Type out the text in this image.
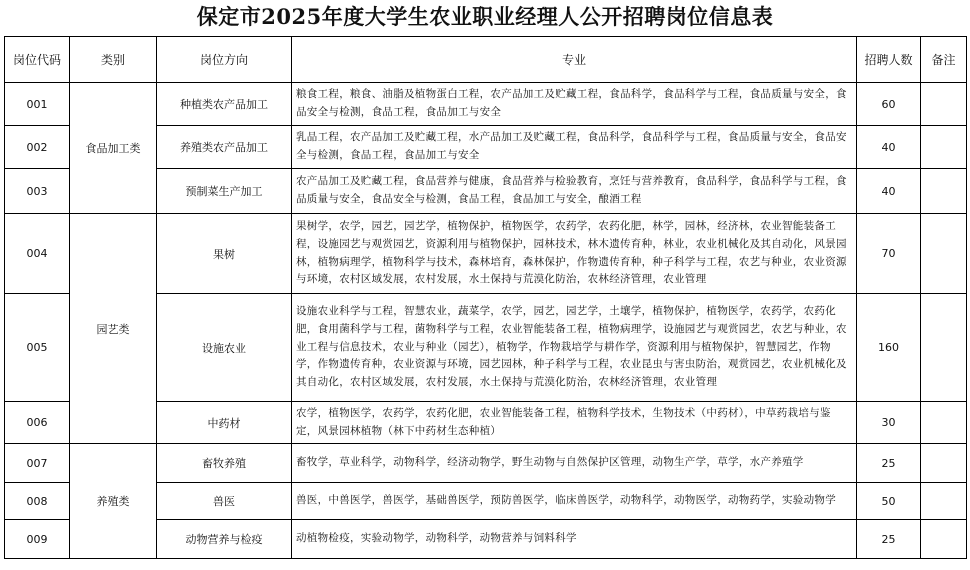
保定市2025年度大学生农业职业经理人公开招聘岗位信息表
岗位代码	类别	岗位方向	专业	招聘人数	备注
001	食品加工类	种植类农产品加工	粮食工程，粮食、油脂及植物蛋白工程，农产品加工及贮藏工程，食品科学，食品科学与工程，食品质量与安全，食品安全与检测，食品工程，食品加工与安全	60	
002		养殖类农产品加工	乳品工程，农产品加工及贮藏工程，水产品加工及贮藏工程，食品科学，食品科学与工程，食品质量与安全，食品安全与检测，食品工程，食品加工与安全	40	
003		预制菜生产加工	农产品加工及贮藏工程，食品营养与健康，食品营养与检验教育，烹饪与营养教育，食品科学，食品科学与工程，食品质量与安全，食品安全与检测，食品工程，食品加工与安全，酿酒工程	40	
004	园艺类	果树	果树学，农学，园艺，园艺学，植物保护，植物医学，农药学，农药化肥，林学，园林，经济林，农业智能装备工程，设施园艺与观赏园艺，资源利用与植物保护，园林技术，林木遗传育种，林业，农业机械化及其自动化，风景园林，植物病理学，植物科学与技术，森林培育，森林保护，作物遗传育种，种子科学与工程，农艺与种业，农业资源与环境，农村区域发展，农村发展，水土保持与荒漠化防治，农林经济管理，农业管理	70	
005		设施农业	设施农业科学与工程，智慧农业，蔬菜学，农学，园艺，园艺学，土壤学，植物保护，植物医学，农药学，农药化肥，食用菌科学与工程，菌物科学与工程，农业智能装备工程，植物病理学，设施园艺与观赏园艺，农艺与种业，农业工程与信息技术，农业与种业（园艺），植物学，作物栽培学与耕作学，资源利用与植物保护，智慧园艺，作物学，作物遗传育种，农业资源与环境，园艺园林，种子科学与工程，农业昆虫与害虫防治，观赏园艺，农业机械化及其自动化，农村区域发展，农村发展，水土保持与荒漠化防治，农林经济管理，农业管理	160	
006		中药材	农学，植物医学，农药学，农药化肥，农业智能装备工程，植物科学技术，生物技术（中药材），中草药栽培与鉴定，风景园林植物（林下中药材生态种植）	30	
007	养殖类	畜牧养殖	畜牧学，草业科学，动物科学，经济动物学，野生动物与自然保护区管理，动物生产学，草学，水产养殖学	25	
008		兽医	兽医，中兽医学，兽医学，基础兽医学，预防兽医学，临床兽医学，动物科学，动物医学，动物药学，实验动物学	50	
009		动物营养与检疫	动植物检疫，实验动物学，动物科学，动物营养与饲料科学	25	
